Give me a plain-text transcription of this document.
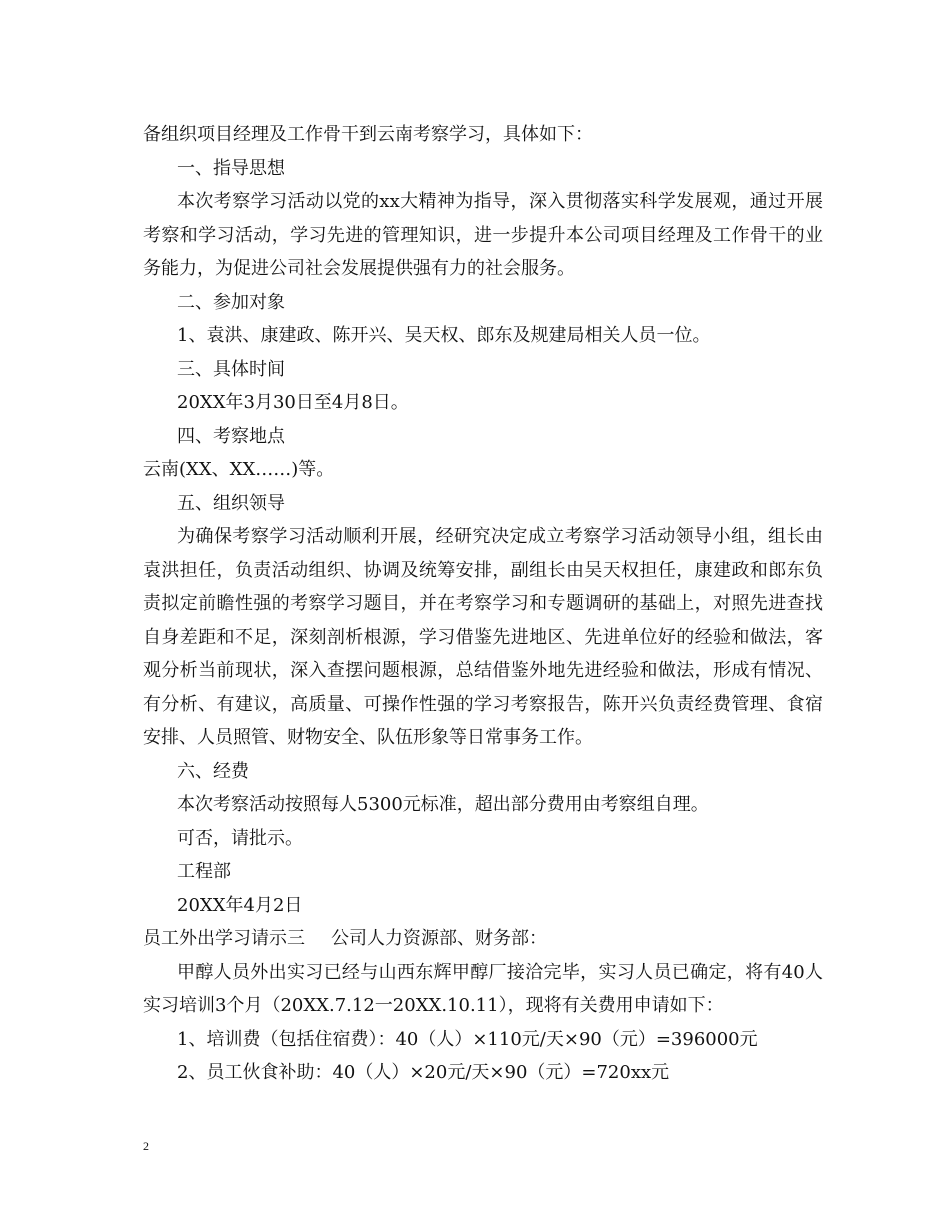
备组织项目经理及工作骨干到云南考察学习，具体如下：
一、指导思想
本次考察学习活动以党的xx大精神为指导，深入贯彻落实科学发展观，通过开展考察和学习活动，学习先进的管理知识，进一步提升本公司项目经理及工作骨干的业务能力，为促进公司社会发展提供强有力的社会服务。
二、参加对象
1、袁洪、康建政、陈开兴、吴天权、郎东及规建局相关人员一位。
三、具体时间
20XX年3月30日至4月8日。
四、考察地点
云南(XX、XX……)等。
五、组织领导
为确保考察学习活动顺利开展，经研究决定成立考察学习活动领导小组，组长由袁洪担任，负责活动组织、协调及统筹安排，副组长由吴天权担任，康建政和郎东负责拟定前瞻性强的考察学习题目，并在考察学习和专题调研的基础上，对照先进查找自身差距和不足，深刻剖析根源，学习借鉴先进地区、先进单位好的经验和做法，客观分析当前现状，深入查摆问题根源，总结借鉴外地先进经验和做法，形成有情况、有分析、有建议，高质量、可操作性强的学习考察报告，陈开兴负责经费管理、食宿安排、人员照管、财物安全、队伍形象等日常事务工作。
六、经费
本次考察活动按照每人5300元标准，超出部分费用由考察组自理。
可否，请批示。
工程部
20XX年4月2日
员工外出学习请示三 公司人力资源部、财务部：
甲醇人员外出实习已经与山西东辉甲醇厂接洽完毕，实习人员已确定，将有40人实习培训3个月（20XX.7.12一20XX.10.11），现将有关费用申请如下：
1、培训费（包括住宿费）：40（人）×110元/天×90（元）=396000元
2、员工伙食补助：40（人）×20元/天×90（元）=720xx元
2
